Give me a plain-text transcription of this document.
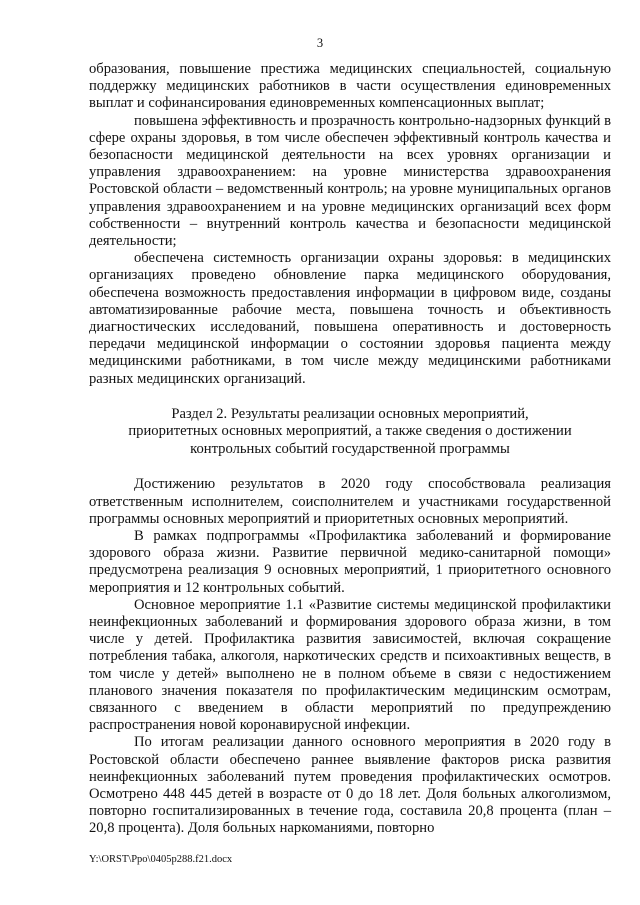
3

образования, повышение престижа медицинских специальностей, социальную поддержку медицинских работников в части осуществления единовременных выплат и софинансирования единовременных компенсационных выплат;

повышена эффективность и прозрачность контрольно-надзорных функций в сфере охраны здоровья, в том числе обеспечен эффективный контроль качества и безопасности медицинской деятельности на всех уровнях организации и управления здравоохранением: на уровне министерства здравоохранения Ростовской области – ведомственный контроль; на уровне муниципальных органов управления здравоохранением и на уровне медицинских организаций всех форм собственности – внутренний контроль качества и безопасности медицинской деятельности;

обеспечена системность организации охраны здоровья: в медицинских организациях проведено обновление парка медицинского оборудования, обеспечена возможность предоставления информации в цифровом виде, созданы автоматизированные рабочие места, повышена точность и объективность диагностических исследований, повышена оперативность и достоверность передачи медицинской информации о состоянии здоровья пациента между медицинскими работниками, в том числе между медицинскими работниками разных медицинских организаций.

Раздел 2. Результаты реализации основных мероприятий,
приоритетных основных мероприятий, а также сведения о достижении
контрольных событий государственной программы

Достижению результатов в 2020 году способствовала реализация ответственным исполнителем, соисполнителем и участниками государственной программы основных мероприятий и приоритетных основных мероприятий.

В рамках подпрограммы «Профилактика заболеваний и формирование здорового образа жизни. Развитие первичной медико-санитарной помощи» предусмотрена реализация 9 основных мероприятий, 1 приоритетного основного мероприятия и 12 контрольных событий.

Основное мероприятие 1.1 «Развитие системы медицинской профилактики неинфекционных заболеваний и формирования здорового образа жизни, в том числе у детей. Профилактика развития зависимостей, включая сокращение потребления табака, алкоголя, наркотических средств и психоактивных веществ, в том числе у детей» выполнено не в полном объеме в связи с недостижением планового значения показателя по профилактическим медицинским осмотрам, связанного с введением в области мероприятий по предупреждению распространения новой коронавирусной инфекции.

По итогам реализации данного основного мероприятия в 2020 году в Ростовской области обеспечено раннее выявление факторов риска развития неинфекционных заболеваний путем проведения профилактических осмотров. Осмотрено 448 445 детей в возрасте от 0 до 18 лет. Доля больных алкоголизмом, повторно госпитализированных в течение года, составила 20,8 процента (план – 20,8 процента). Доля больных наркоманиями, повторно

Y:\ORST\Ppo\0405p288.f21.docx
